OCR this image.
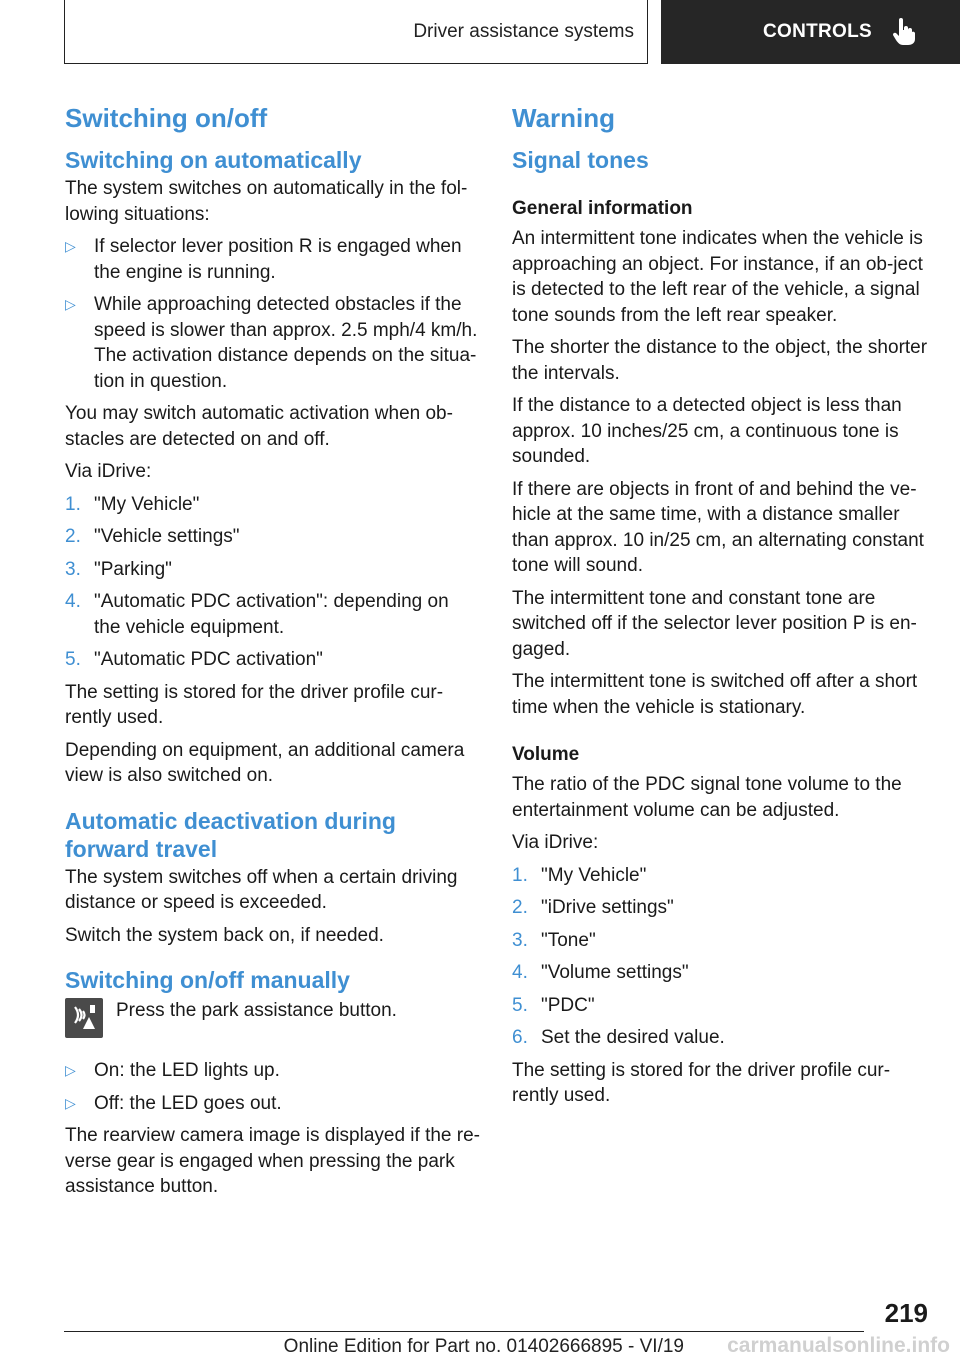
Driver assistance systems	CONTROLS
Switching on/off
Switching on automatically

The system switches on automatically in the fol-lowing situations:

▷ If selector lever position R is engaged when the engine is running.
▷ While approaching detected obstacles if the speed is slower than approx. 2.5 mph/4 km/h. The activation distance depends on the situa-tion in question.

You may switch automatic activation when ob-stacles are detected on and off.

Via iDrive:

1. "My Vehicle"
2. "Vehicle settings"
3. "Parking"
4. "Automatic PDC activation": depending on the vehicle equipment.
5. "Automatic PDC activation"

The setting is stored for the driver profile cur-rently used.

Depending on equipment, an additional camera view is also switched on.

Automatic deactivation during forward travel

The system switches off when a certain driving distance or speed is exceeded.

Switch the system back on, if needed.

Switching on/off manually

Press the park assistance button.

▷ On: the LED lights up.
▷ Off: the LED goes out.

The rearview camera image is displayed if the re-verse gear is engaged when pressing the park assistance button.

Warning
Signal tones
General information

An intermittent tone indicates when the vehicle is approaching an object. For instance, if an ob-ject is detected to the left rear of the vehicle, a signal tone sounds from the left rear speaker.

The shorter the distance to the object, the shorter the intervals.

If the distance to a detected object is less than approx. 10 inches/25 cm, a continuous tone is sounded.

If there are objects in front of and behind the ve-hicle at the same time, with a distance smaller than approx. 10 in/25 cm, an alternating constant tone will sound.

The intermittent tone and constant tone are switched off if the selector lever position P is en-gaged.

The intermittent tone is switched off after a short time when the vehicle is stationary.

Volume

The ratio of the PDC signal tone volume to the entertainment volume can be adjusted.

Via iDrive:

1. "My Vehicle"
2. "iDrive settings"
3. "Tone"
4. "Volume settings"
5. "PDC"
6. Set the desired value.

The setting is stored for the driver profile cur-rently used.

219
Online Edition for Part no. 01402666895 - VI/19 carmanualsonline.info
